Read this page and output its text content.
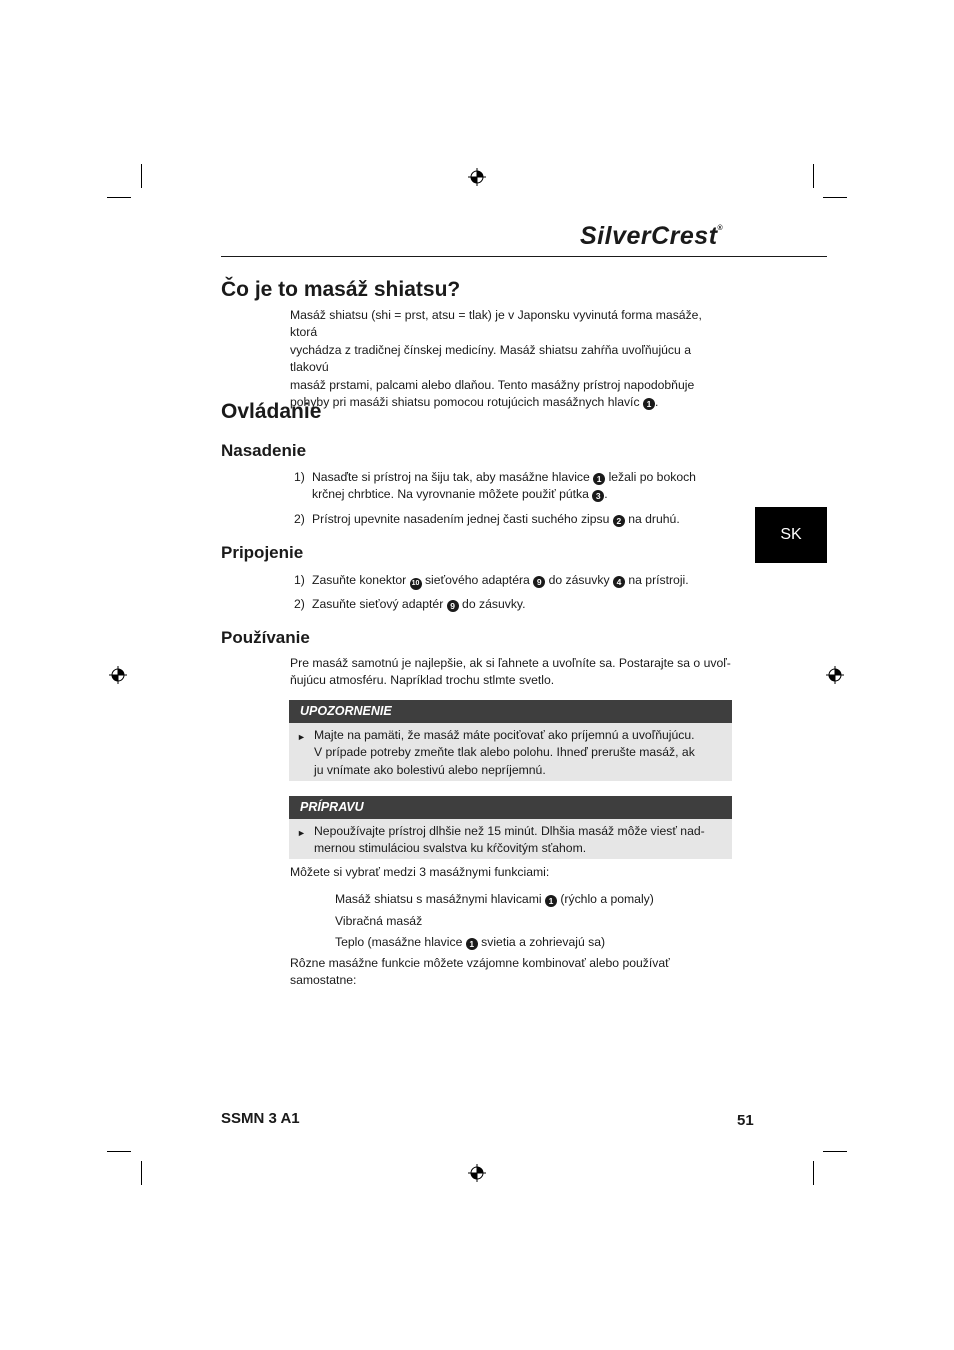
SilverCrest®
SK
Čo je to masáž shiatsu?
Masáž shiatsu (shi = prst, atsu = tlak) je v Japonsku vyvinutá forma masáže, ktorá
vychádza z tradičnej čínskej medicíny. Masáž shiatsu zahŕňa uvoľňujúcu a tlakovú
masáž prstami, palcami alebo dlaňou. Tento masážny prístroj napodobňuje
pohyby pri masáži shiatsu pomocou rotujúcich masážnych hlavíc 1 .
Ovládanie
Nasadenie
1) Nasaďte si prístroj na šiju tak, aby masážne hlavice 1 ležali po bokoch
krčnej chrbtice. Na vyrovnanie môžete použiť pútka 3 .
2) Prístroj upevnite nasadením jednej časti suchého zipsu 2 na druhú.
Pripojenie
1) Zasuňte konektor 10 sieťového adaptéra 9 do zásuvky 4 na prístroji.
2) Zasuňte sieťový adaptér 9 do zásuvky.
Používanie
Pre masáž samotnú je najlepšie, ak si ľahnete a uvoľníte sa. Postarajte sa o uvoľ-
ňujúcu atmosféru. Napríklad trochu stlmte svetlo.
UPOZORNENIE
► Majte na pamäti, že masáž máte pociťovať ako príjemnú a uvoľňujúcu.
V prípade potreby zmeňte tlak alebo polohu. Ihneď prerušte masáž, ak
ju vnímate ako bolestivú alebo nepríjemnú.
PRÍPRAVU
► Nepoužívajte prístroj dlhšie než 15 minút. Dlhšia masáž môže viesť nad-
mernou stimuláciou svalstva ku kŕčovitým sťahom.
Môžete si vybrať medzi 3 masážnymi funkciami:
Masáž shiatsu s masážnymi hlavicami 1 (rýchlo a pomaly)
Vibračná masáž
Teplo (masážne hlavice 1 svietia a zohrievajú sa)
Rôzne masážne funkcie môžete vzájomne kombinovať alebo používať samostatne:
SSMN 3 A1	51
